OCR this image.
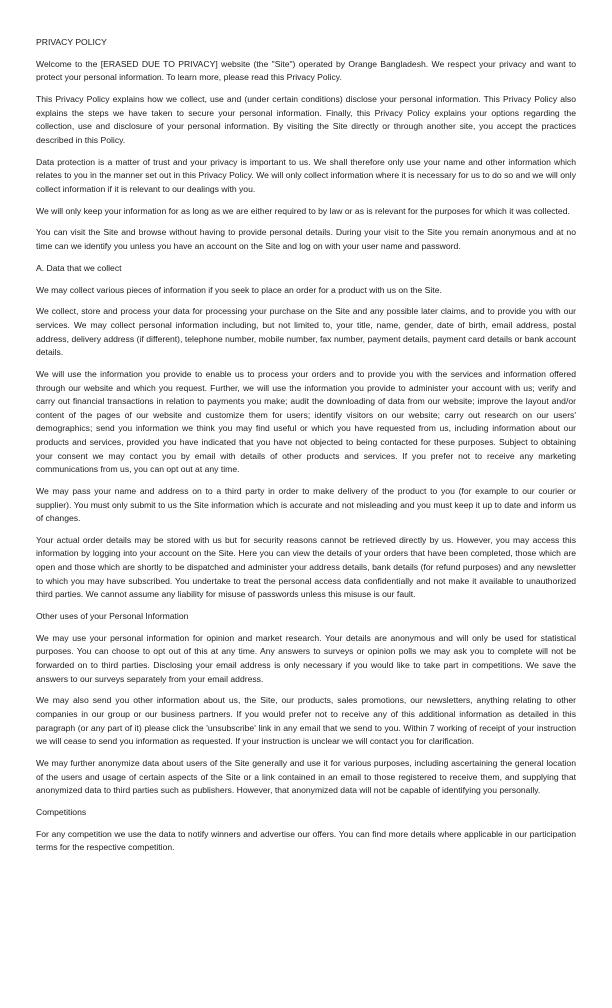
PRIVACY POLICY

Welcome to the [ERASED DUE TO PRIVACY] website (the "Site") operated by Orange Bangladesh. We respect your privacy and want to protect your personal information. To learn more, please read this Privacy Policy.

This Privacy Policy explains how we collect, use and (under certain conditions) disclose your personal information. This Privacy Policy also explains the steps we have taken to secure your personal information. Finally, this Privacy Policy explains your options regarding the collection, use and disclosure of your personal information. By visiting the Site directly or through another site, you accept the practices described in this Policy.

Data protection is a matter of trust and your privacy is important to us. We shall therefore only use your name and other information which relates to you in the manner set out in this Privacy Policy. We will only collect information where it is necessary for us to do so and we will only collect information if it is relevant to our dealings with you.

We will only keep your information for as long as we are either required to by law or as is relevant for the purposes for which it was collected.

You can visit the Site and browse without having to provide personal details. During your visit to the Site you remain anonymous and at no time can we identify you unless you have an account on the Site and log on with your user name and password.

A. Data that we collect

We may collect various pieces of information if you seek to place an order for a product with us on the Site.

We collect, store and process your data for processing your purchase on the Site and any possible later claims, and to provide you with our services. We may collect personal information including, but not limited to, your title, name, gender, date of birth, email address, postal address, delivery address (if different), telephone number, mobile number, fax number, payment details, payment card details or bank account details.

We will use the information you provide to enable us to process your orders and to provide you with the services and information offered through our website and which you request. Further, we will use the information you provide to administer your account with us; verify and carry out financial transactions in relation to payments you make; audit the downloading of data from our website; improve the layout and/or content of the pages of our website and customize them for users; identify visitors on our website; carry out research on our users' demographics; send you information we think you may find useful or which you have requested from us, including information about our products and services, provided you have indicated that you have not objected to being contacted for these purposes. Subject to obtaining your consent we may contact you by email with details of other products and services. If you prefer not to receive any marketing communications from us, you can opt out at any time.

We may pass your name and address on to a third party in order to make delivery of the product to you (for example to our courier or supplier). You must only submit to us the Site information which is accurate and not misleading and you must keep it up to date and inform us of changes.

Your actual order details may be stored with us but for security reasons cannot be retrieved directly by us. However, you may access this information by logging into your account on the Site. Here you can view the details of your orders that have been completed, those which are open and those which are shortly to be dispatched and administer your address details, bank details (for refund purposes) and any newsletter to which you may have subscribed. You undertake to treat the personal access data confidentially and not make it available to unauthorized third parties. We cannot assume any liability for misuse of passwords unless this misuse is our fault.

Other uses of your Personal Information

We may use your personal information for opinion and market research. Your details are anonymous and will only be used for statistical purposes. You can choose to opt out of this at any time. Any answers to surveys or opinion polls we may ask you to complete will not be forwarded on to third parties. Disclosing your email address is only necessary if you would like to take part in competitions. We save the answers to our surveys separately from your email address.

We may also send you other information about us, the Site, our products, sales promotions, our newsletters, anything relating to other companies in our group or our business partners. If you would prefer not to receive any of this additional information as detailed in this paragraph (or any part of it) please click the 'unsubscribe' link in any email that we send to you. Within 7 working of receipt of your instruction we will cease to send you information as requested. If your instruction is unclear we will contact you for clarification.

We may further anonymize data about users of the Site generally and use it for various purposes, including ascertaining the general location of the users and usage of certain aspects of the Site or a link contained in an email to those registered to receive them, and supplying that anonymized data to third parties such as publishers. However, that anonymized data will not be capable of identifying you personally.

Competitions

For any competition we use the data to notify winners and advertise our offers. You can find more details where applicable in our participation terms for the respective competition.
